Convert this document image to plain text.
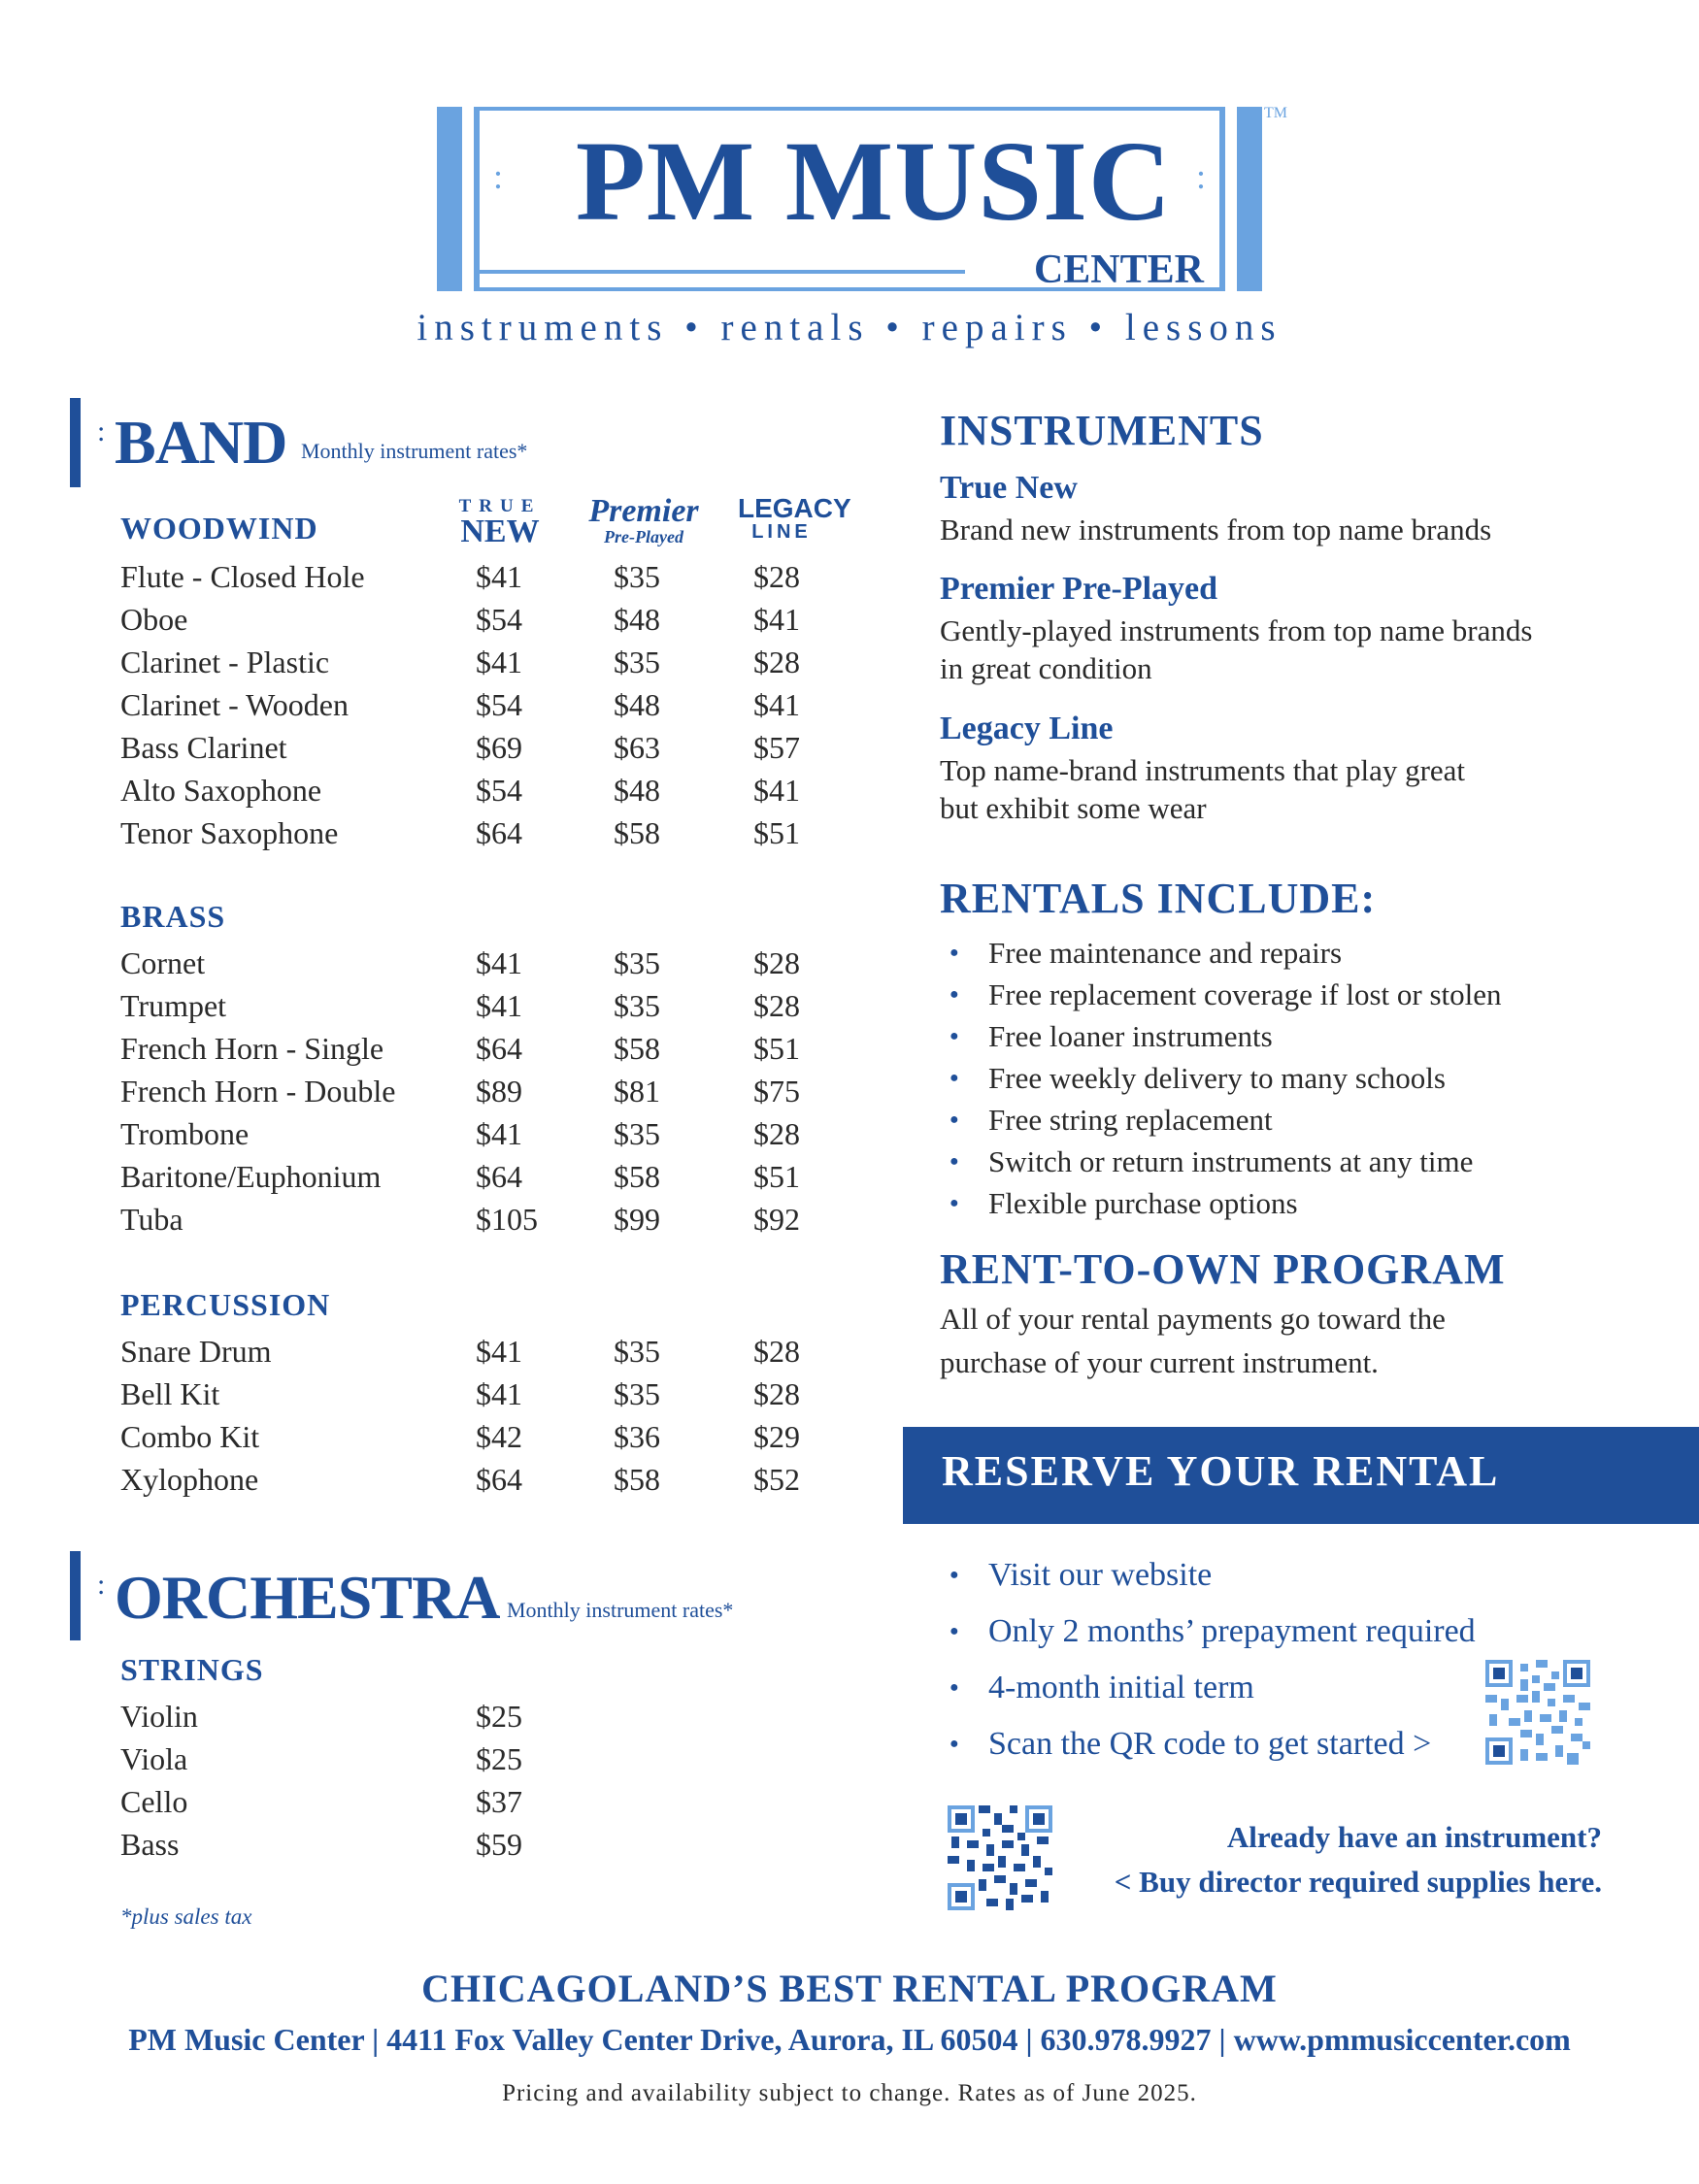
:	:
PM MUSIC
CENTER
TM
instruments • rentals • repairs • lessons
: BAND Monthly instrument rates*
TRUE
NEW
Premier
Pre-Played
LEGACY
LINE
WOODWIND
Flute - Closed Hole	$41	$35	$28
Oboe	$54	$48	$41
Clarinet - Plastic	$41	$35	$28
Clarinet - Wooden	$54	$48	$41
Bass Clarinet	$69	$63	$57
Alto Saxophone	$54	$48	$41
Tenor Saxophone	$64	$58	$51
BRASS
Cornet	$41	$35	$28
Trumpet	$41	$35	$28
French Horn - Single	$64	$58	$51
French Horn - Double	$89	$81	$75
Trombone	$41	$35	$28
Baritone/Euphonium	$64	$58	$51
Tuba	$105 $99	$92
PERCUSSION
Snare Drum	$41	$35	$28
Bell Kit	$41	$35	$28
Combo Kit	$42	$36	$29
Xylophone	$64	$58	$52
: ORCHESTRA Monthly instrument rates*
STRINGS
Violin	$25
Viola	$25
Cello	$37
Bass	$59
*plus sales tax
INSTRUMENTS
True New
Brand new instruments from top name brands
Premier Pre-Played
Gently-played instruments from top name brands
in great condition
Legacy Line
Top name-brand instruments that play great
but exhibit some wear
RENTALS INCLUDE:
● Free maintenance and repairs
● Free replacement coverage if lost or stolen
● Free loaner instruments
● Free weekly delivery to many schools
● Free string replacement
● Switch or return instruments at any time
● Flexible purchase options
RENT-TO-OWN PROGRAM
All of your rental payments go toward the
purchase of your current instrument.
RESERVE YOUR RENTAL
● Visit our website
● Only 2 months’ prepayment required
● 4-month initial term
● Scan the QR code to get started >
Already have an instrument?
< Buy director required supplies here.
CHICAGOLAND’S BEST RENTAL PROGRAM
PM Music Center | 4411 Fox Valley Center Drive, Aurora, IL 60504 | 630.978.9927 | www.pmmusiccenter.com
Pricing and availability subject to change. Rates as of June 2025.
